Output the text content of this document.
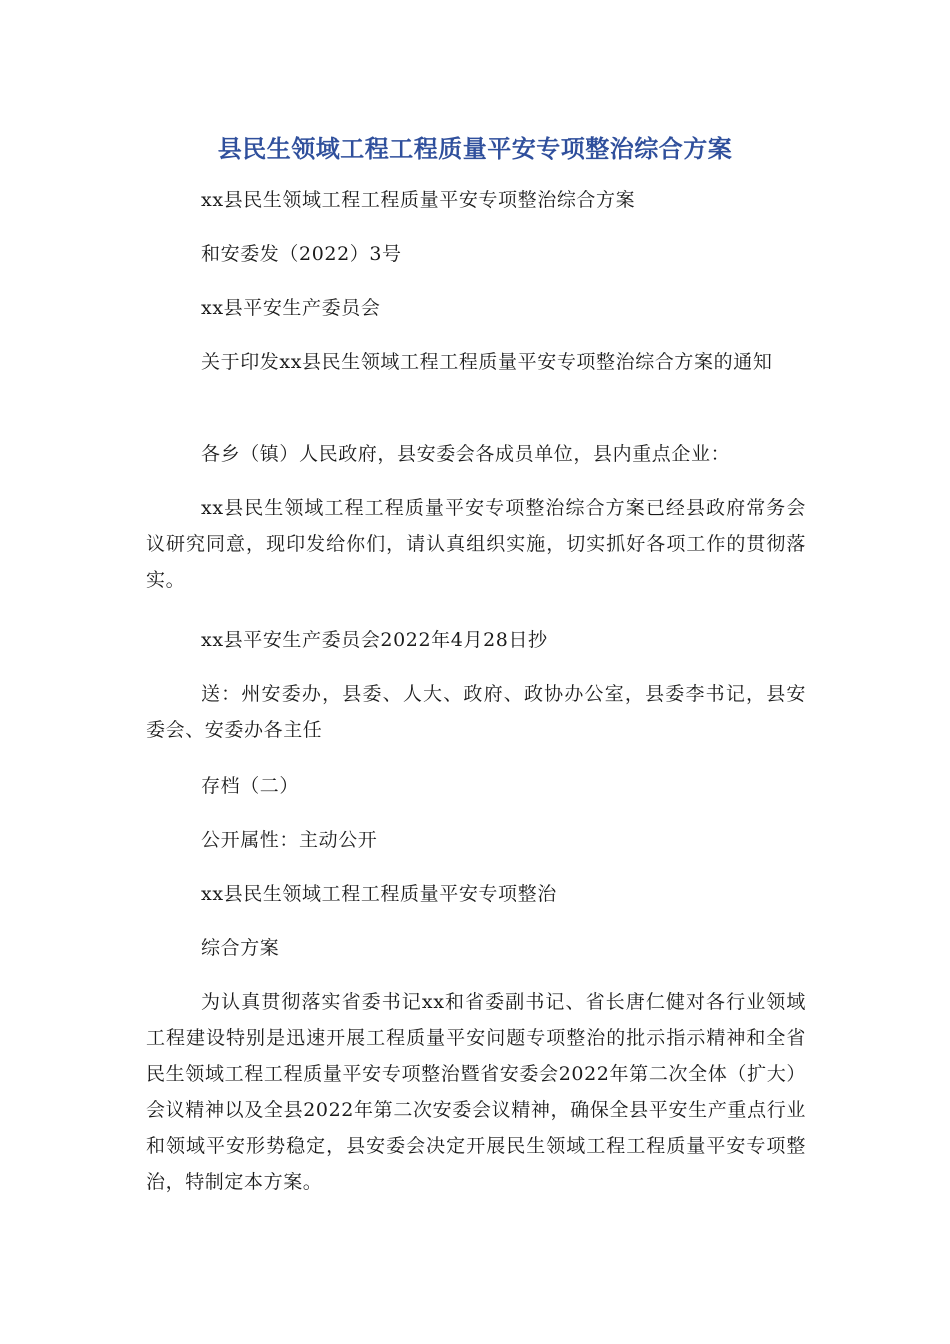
县民生领域工程工程质量平安专项整治综合方案

xx县民生领域工程工程质量平安专项整治综合方案

和安委发（2022）3号

xx县平安生产委员会

关于印发xx县民生领域工程工程质量平安专项整治综合方案的通知

各乡（镇）人民政府，县安委会各成员单位，县内重点企业：

xx县民生领域工程工程质量平安专项整治综合方案已经县政府常务会议研究同意，现印发给你们，请认真组织实施，切实抓好各项工作的贯彻落实。

xx县平安生产委员会2022年4月28日抄

送：州安委办，县委、人大、政府、政协办公室，县委李书记，县安委会、安委办各主任

存档（二）

公开属性：主动公开

xx县民生领域工程工程质量平安专项整治

综合方案

为认真贯彻落实省委书记xx和省委副书记、省长唐仁健对各行业领域工程建设特别是迅速开展工程质量平安问题专项整治的批示指示精神和全省民生领域工程工程质量平安专项整治暨省安委会2022年第二次全体（扩大）会议精神以及全县2022年第二次安委会议精神，确保全县平安生产重点行业和领域平安形势稳定，县安委会决定开展民生领域工程工程质量平安专项整治，特制定本方案。
